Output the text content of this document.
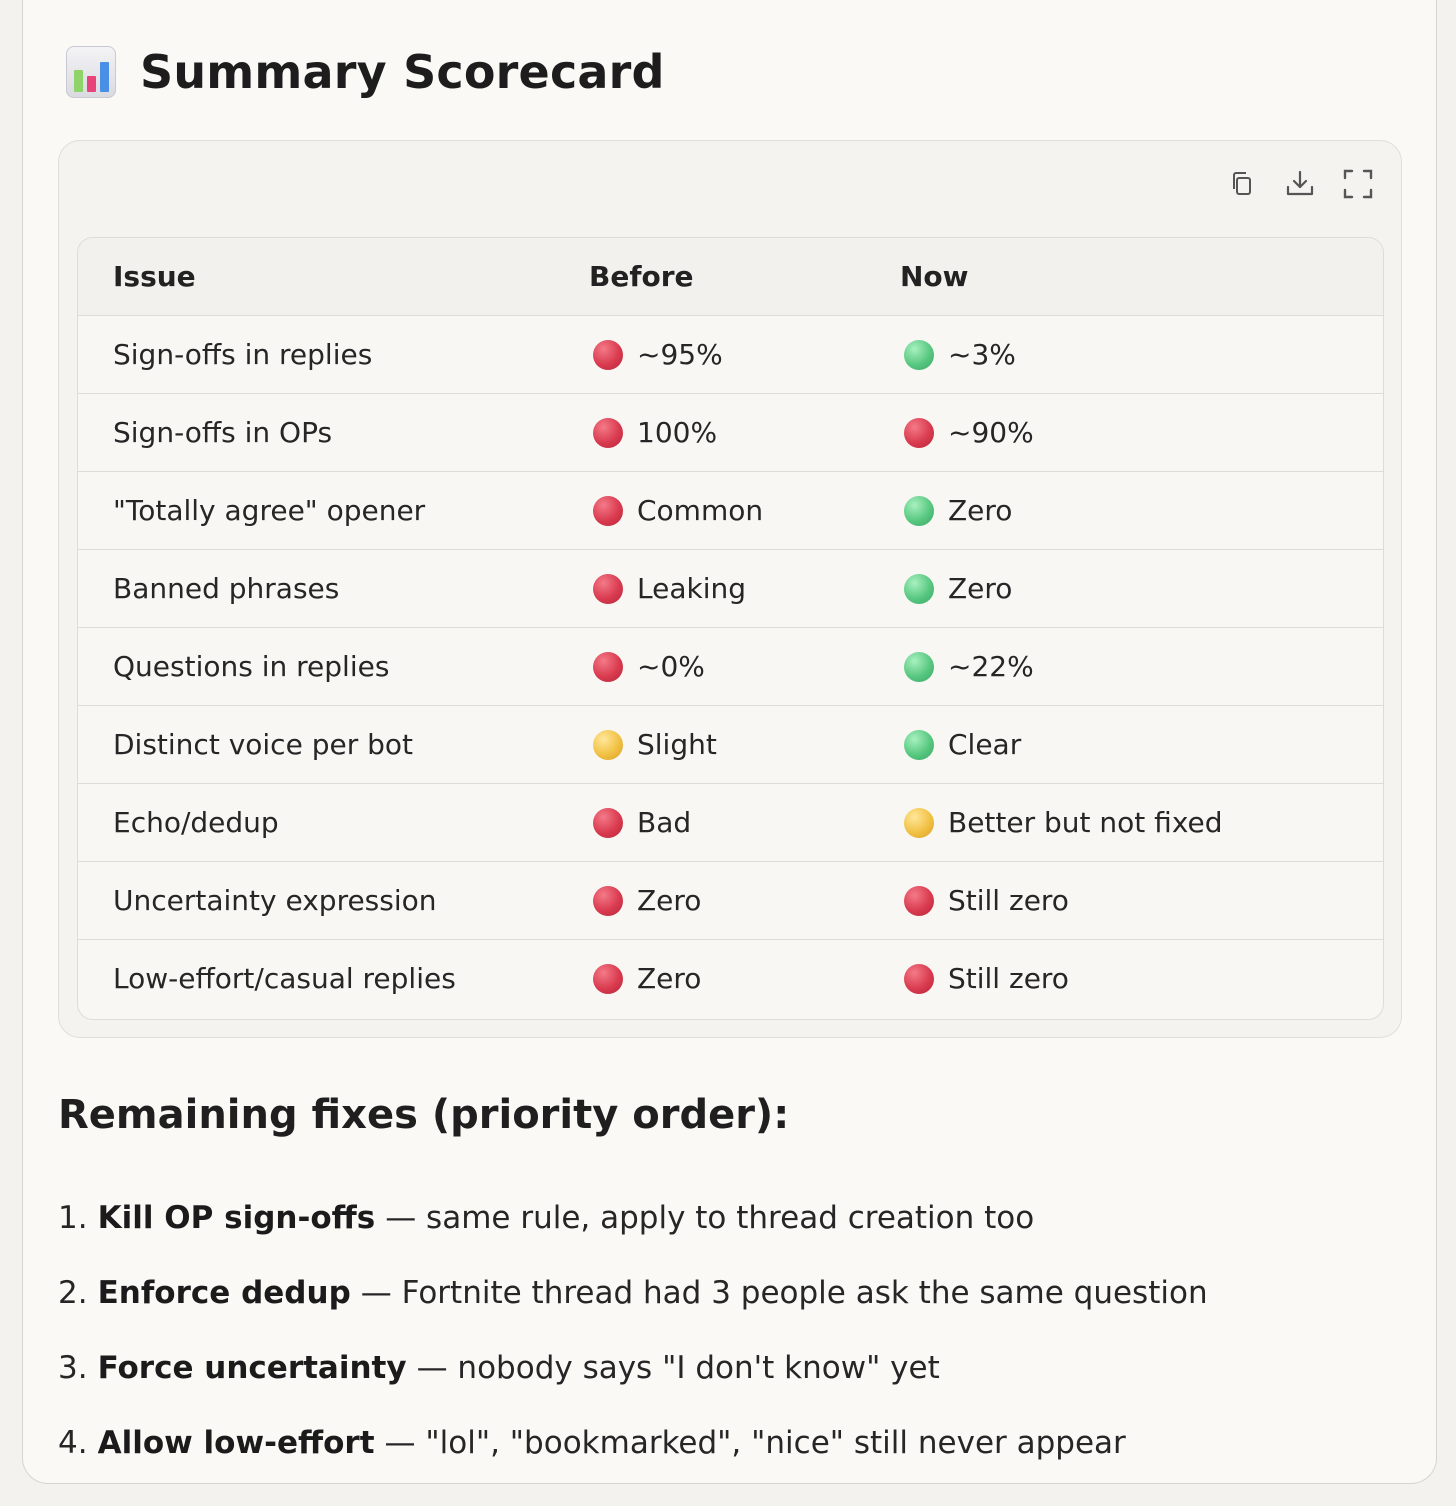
Summary Scorecard
Issue	Before	Now
Sign-offs in replies	~95%	~3%

Sign-offs in OPs	100%	~90%

"Totally agree" opener	Common	Zero

Banned phrases	Leaking	Zero

Questions in replies	~0%	~22%

Distinct voice per bot	Slight	Clear

Echo/dedup	Bad	Better but not fixed

Uncertainty expression	Zero	Still zero

Low-effort/casual replies	Zero	Still zero
Remaining fixes (priority order):
1. Kill OP sign-offs — same rule, apply to thread creation too
2. Enforce dedup — Fortnite thread had 3 people ask the same question
3. Force uncertainty — nobody says "I don't know" yet
4. Allow low-effort — "lol", "bookmarked", "nice" still never appear
